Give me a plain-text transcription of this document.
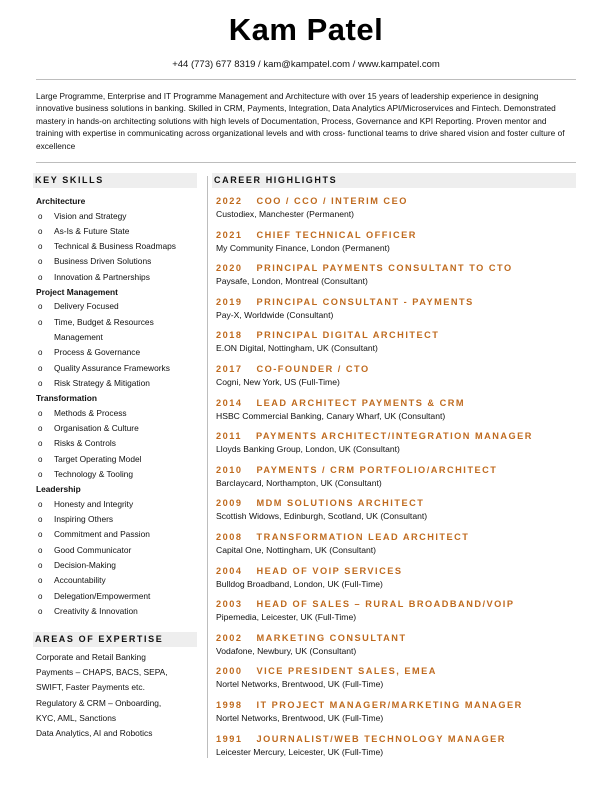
Kam Patel
+44 (773) 677 8319 / kam@kampatel.com / www.kampatel.com
Large Programme, Enterprise and IT Programme Management and Architecture with over 15 years of leadership experience in designing innovative business solutions in banking. Skilled in CRM, Payments, Integration, Data Analytics API/Microservices and Fintech. Demonstrated mastery in hands-on architecting solutions with high levels of Documentation, Process, Governance and KPI Reporting. Proven mentor and training with expertise in communicating across organizational levels and with cross- functional teams to drive shared vision and foster culture of excellence
KEY SKILLS
Architecture
o Vision and Strategy
o As-Is & Future State
o Technical & Business Roadmaps
o Business Driven Solutions
o Innovation & Partnerships
Project Management
o Delivery Focused
o Time, Budget & Resources Management
o Process & Governance
o Quality Assurance Frameworks
o Risk Strategy & Mitigation
Transformation
o Methods & Process
o Organisation & Culture
o Risks & Controls
o Target Operating Model
o Technology & Tooling
Leadership
o Honesty and Integrity
o Inspiring Others
o Commitment and Passion
o Good Communicator
o Decision-Making
o Accountability
o Delegation/Empowerment
o Creativity & Innovation
AREAS OF EXPERTISE
Corporate and Retail Banking
Payments – CHAPS, BACS, SEPA,
SWIFT, Faster Payments etc.
Regulatory & CRM – Onboarding,
KYC, AML, Sanctions
Data Analytics, AI and Robotics
CAREER HIGHLIGHTS
2022 COO / CCO / INTERIM CEO
Custodiex, Manchester (Permanent)
2021 CHIEF TECHNICAL OFFICER
My Community Finance, London (Permanent)
2020 PRINCIPAL PAYMENTS CONSULTANT TO CTO
Paysafe, London, Montreal (Consultant)
2019 PRINCIPAL CONSULTANT - PAYMENTS
Pay-X, Worldwide (Consultant)
2018 PRINCIPAL DIGITAL ARCHITECT
E.ON Digital, Nottingham, UK (Consultant)
2017 CO-FOUNDER / CTO
Cogni, New York, US (Full-Time)
2014 LEAD ARCHITECT PAYMENTS & CRM
HSBC Commercial Banking, Canary Wharf, UK (Consultant)
2011 PAYMENTS ARCHITECT/INTEGRATION MANAGER
Lloyds Banking Group, London, UK (Consultant)
2010 PAYMENTS / CRM PORTFOLIO/ARCHITECT
Barclaycard, Northampton, UK (Consultant)
2009 MDM SOLUTIONS ARCHITECT
Scottish Widows, Edinburgh, Scotland, UK (Consultant)
2008 TRANSFORMATION LEAD ARCHITECT
Capital One, Nottingham, UK (Consultant)
2004 HEAD OF VOIP SERVICES
Bulldog Broadband, London, UK (Full-Time)
2003 HEAD OF SALES – RURAL BROADBAND/VOIP
Pipemedia, Leicester, UK (Full-Time)
2002 MARKETING CONSULTANT
Vodafone, Newbury, UK (Consultant)
2000 VICE PRESIDENT SALES, EMEA
Nortel Networks, Brentwood, UK (Full-Time)
1998 IT PROJECT MANAGER/MARKETING MANAGER
Nortel Networks, Brentwood, UK (Full-Time)
1991 JOURNALIST/WEB TECHNOLOGY MANAGER
Leicester Mercury, Leicester, UK (Full-Time)
